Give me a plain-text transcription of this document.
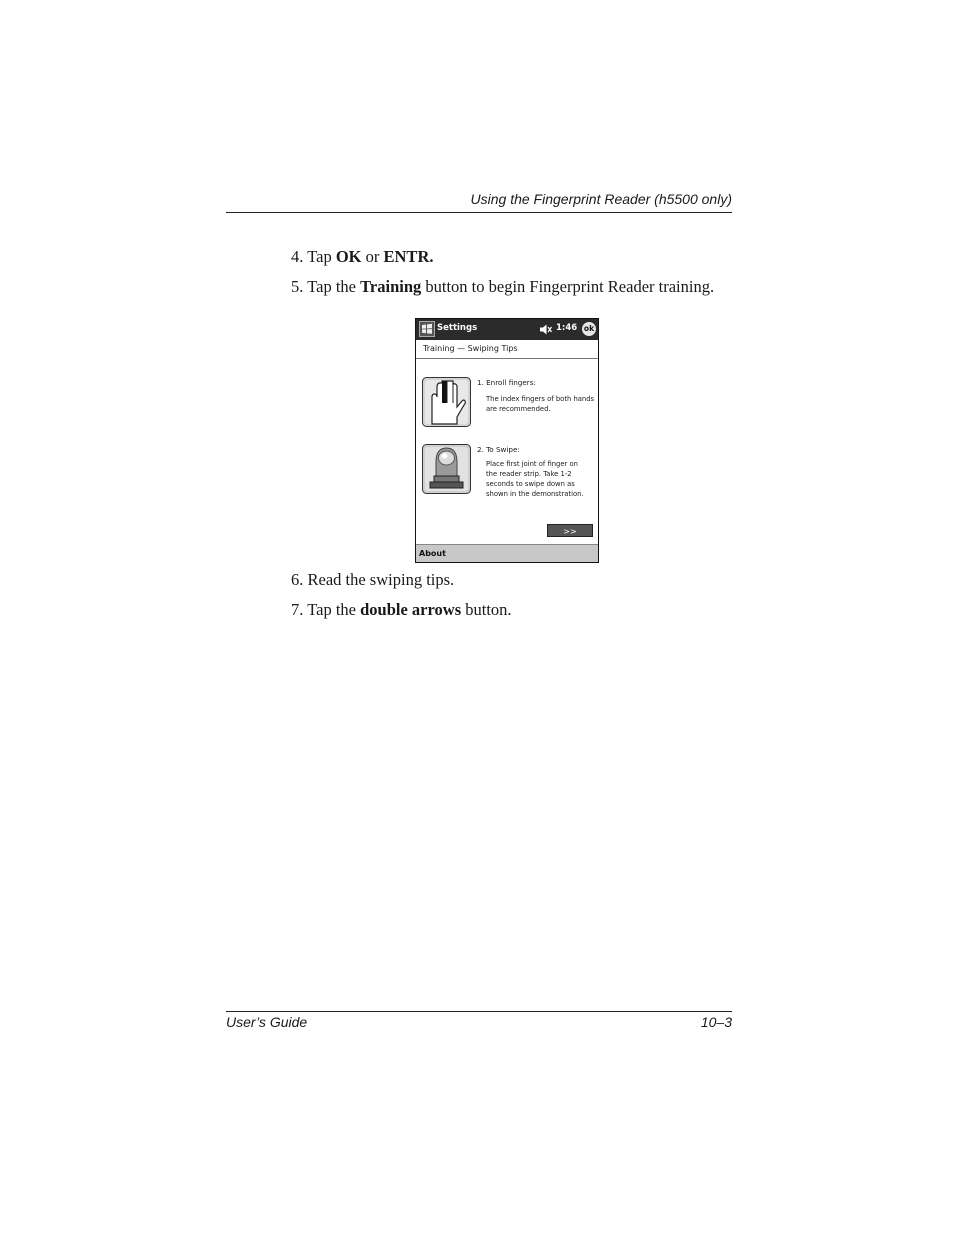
Using the Fingerprint Reader (h5500 only)
4. Tap OK or ENTR.
5. Tap the Training button to begin Fingerprint Reader training.
Settings	1:46 ok
Training — Swiping Tips
1. Enroll fingers:
The index fingers of both hands are recommended.
2. To Swipe:
Place first joint of finger on the reader strip. Take 1-2 seconds to swipe down as shown in the demonstration.
>>
About
6. Read the swiping tips.
7. Tap the double arrows button.
User’s Guide	10–3
